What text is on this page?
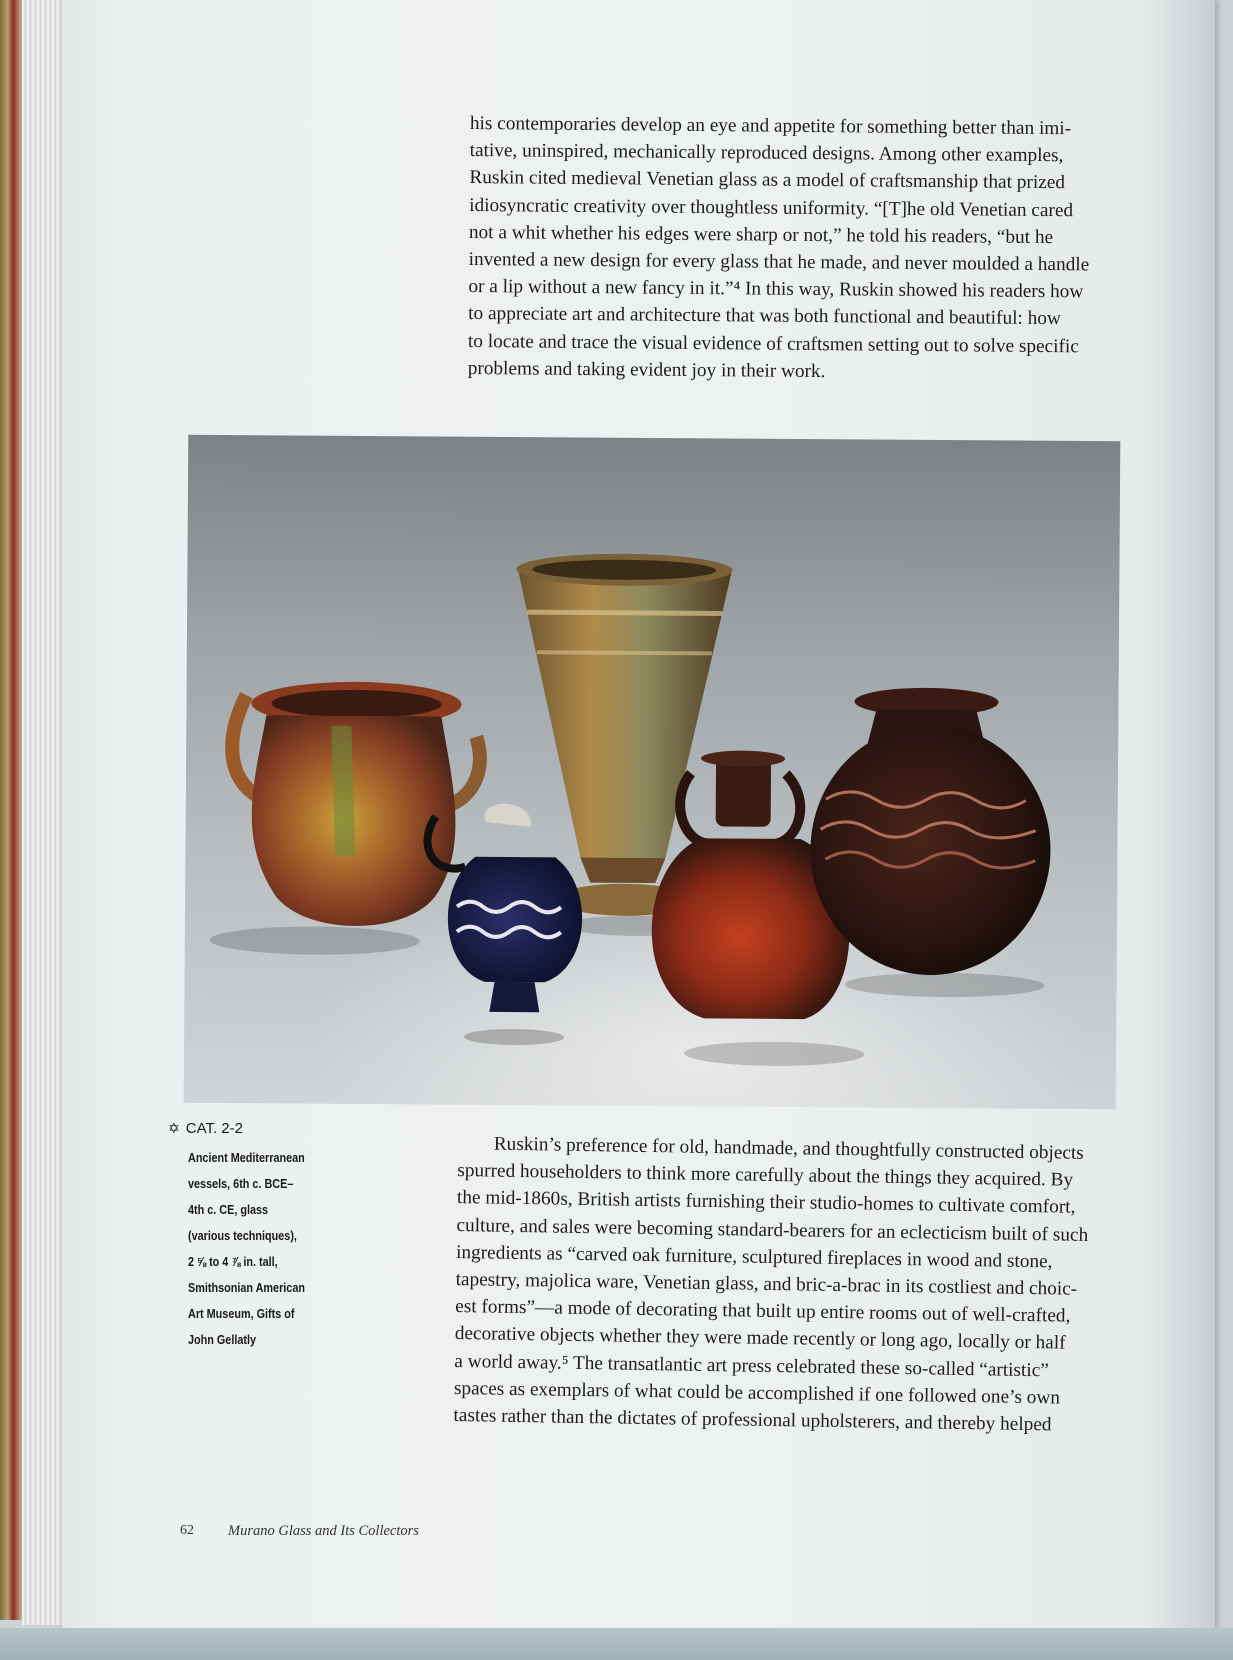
his contemporaries develop an eye and appetite for something better than imi-
tative, uninspired, mechanically reproduced designs. Among other examples,
Ruskin cited medieval Venetian glass as a model of craftsmanship that prized
idiosyncratic creativity over thoughtless uniformity. “[T]he old Venetian cared
not a whit whether his edges were sharp or not,” he told his readers, “but he
invented a new design for every glass that he made, and never moulded a handle
or a lip without a new fancy in it.”⁴ In this way, Ruskin showed his readers how
to appreciate art and architecture that was both functional and beautiful: how
to locate and trace the visual evidence of craftsmen setting out to solve specific
problems and taking evident joy in their work.

✡ CAT. 2-2
Ancient Mediterranean
vessels, 6th c. BCE–
4th c. CE, glass
(various techniques),
2 ⅝ to 4 ⅞ in. tall,
Smithsonian American
Art Museum, Gifts of
John Gellatly

Ruskin’s preference for old, handmade, and thoughtfully constructed objects
spurred householders to think more carefully about the things they acquired. By
the mid-1860s, British artists furnishing their studio-homes to cultivate comfort,
culture, and sales were becoming standard-bearers for an eclecticism built of such
ingredients as “carved oak furniture, sculptured fireplaces in wood and stone,
tapestry, majolica ware, Venetian glass, and bric-a-brac in its costliest and choic-
est forms”—a mode of decorating that built up entire rooms out of well-crafted,
decorative objects whether they were made recently or long ago, locally or half
a world away.⁵ The transatlantic art press celebrated these so-called “artistic”
spaces as exemplars of what could be accomplished if one followed one’s own
tastes rather than the dictates of professional upholsterers, and thereby helped

62 Murano Glass and Its Collectors
